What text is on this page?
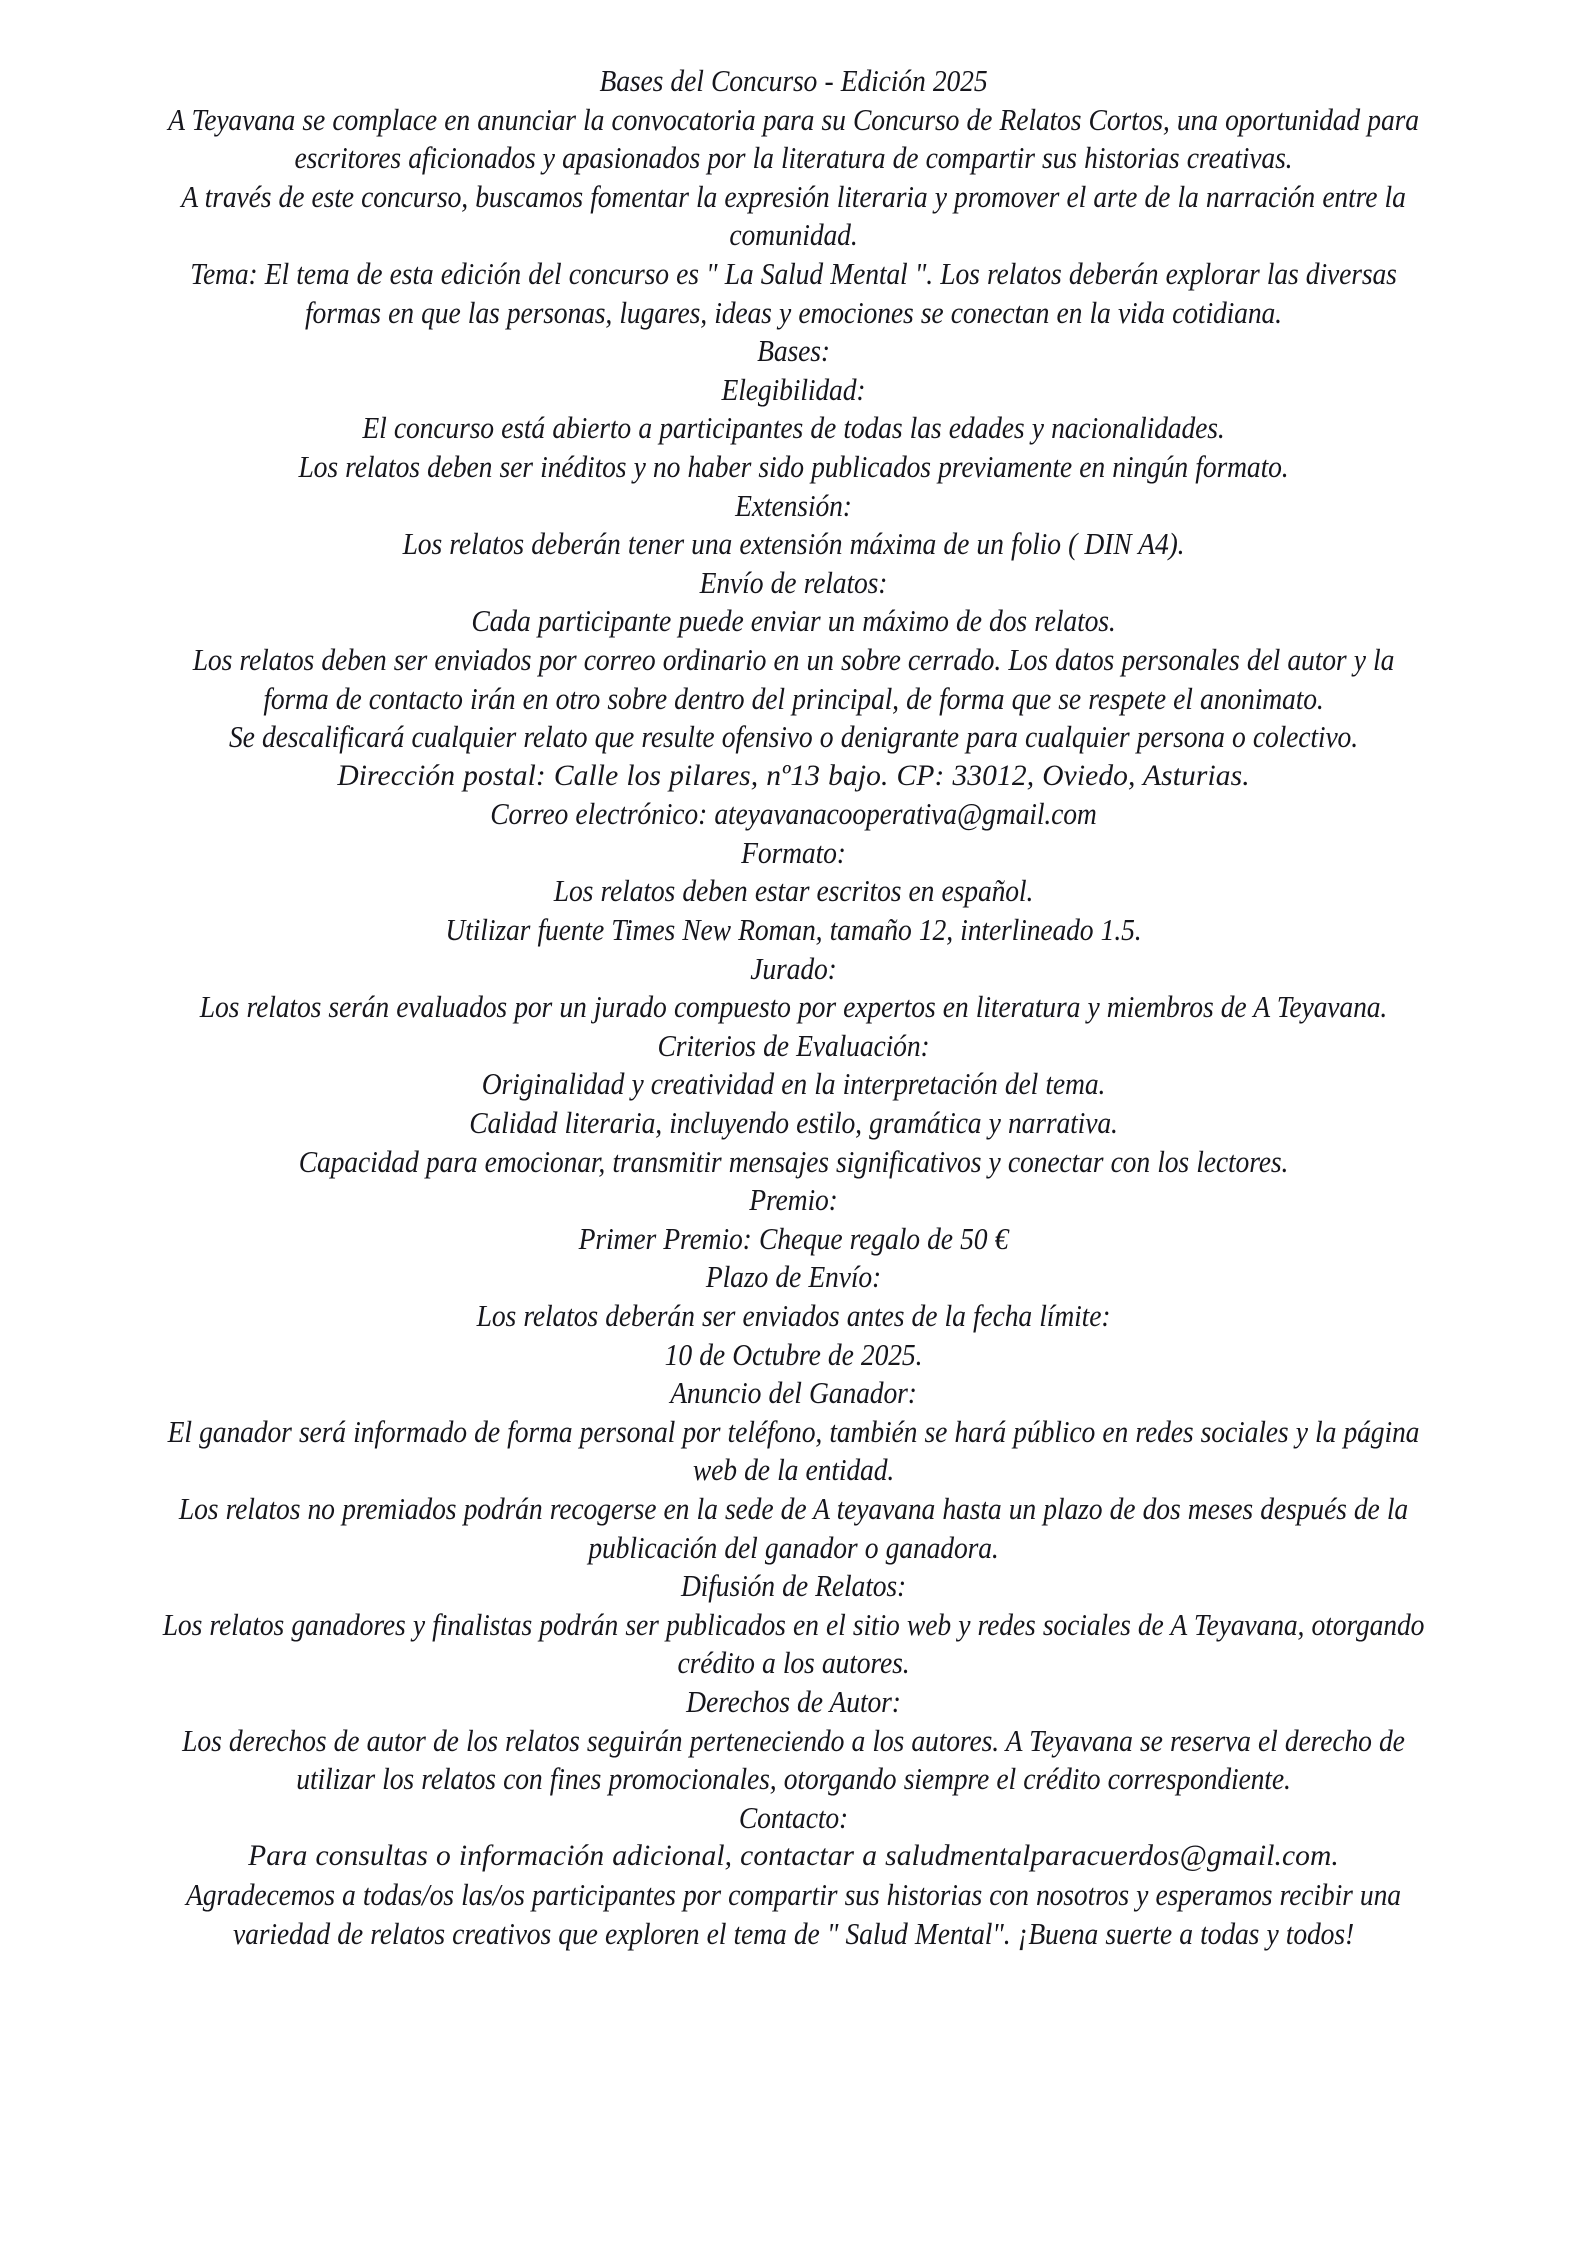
Bases del Concurso - Edición 2025

A Teyavana se complace en anunciar la convocatoria para su Concurso de Relatos Cortos, una oportunidad para escritores aficionados y apasionados por la literatura de compartir sus historias creativas.

A través de este concurso, buscamos fomentar la expresión literaria y promover el arte de la narración entre la comunidad.

Tema: El tema de esta edición del concurso es " La Salud Mental ". Los relatos deberán explorar las diversas formas en que las personas, lugares, ideas y emociones se conectan en la vida cotidiana.

Bases:

Elegibilidad:

El concurso está abierto a participantes de todas las edades y nacionalidades.

Los relatos deben ser inéditos y no haber sido publicados previamente en ningún formato.

Extensión:

Los relatos deberán tener una extensión máxima de un folio ( DIN A4).

Envío de relatos:

Cada participante puede enviar un máximo de dos relatos.

Los relatos deben ser enviados por correo ordinario en un sobre cerrado. Los datos personales del autor y la forma de contacto irán en otro sobre dentro del principal, de forma que se respete el anonimato.

Se descalificará cualquier relato que resulte ofensivo o denigrante para cualquier persona o colectivo.

Dirección postal: Calle los pilares, nº13 bajo. CP: 33012, Oviedo, Asturias.

Correo electrónico: ateyavanacooperativa@gmail.com

Formato:

Los relatos deben estar escritos en español.

Utilizar fuente Times New Roman, tamaño 12, interlineado 1.5.

Jurado:

Los relatos serán evaluados por un jurado compuesto por expertos en literatura y miembros de A Teyavana.

Criterios de Evaluación:

Originalidad y creatividad en la interpretación del tema.

Calidad literaria, incluyendo estilo, gramática y narrativa.

Capacidad para emocionar, transmitir mensajes significativos y conectar con los lectores.

Premio:

Primer Premio: Cheque regalo de 50 €

Plazo de Envío:

Los relatos deberán ser enviados antes de la fecha límite:

10 de Octubre de 2025.

Anuncio del Ganador:

El ganador será informado de forma personal por teléfono, también se hará público en redes sociales y la página web de la entidad.

Los relatos no premiados podrán recogerse en la sede de A teyavana hasta un plazo de dos meses después de la publicación del ganador o ganadora.

Difusión de Relatos:

Los relatos ganadores y finalistas podrán ser publicados en el sitio web y redes sociales de A Teyavana, otorgando crédito a los autores.

Derechos de Autor:

Los derechos de autor de los relatos seguirán perteneciendo a los autores. A Teyavana se reserva el derecho de utilizar los relatos con fines promocionales, otorgando siempre el crédito correspondiente.

Contacto:

Para consultas o información adicional, contactar a saludmentalparacuerdos@gmail.com.

Agradecemos a todas/os las/os participantes por compartir sus historias con nosotros y esperamos recibir una variedad de relatos creativos que exploren el tema de " Salud Mental". ¡Buena suerte a todas y todos!
